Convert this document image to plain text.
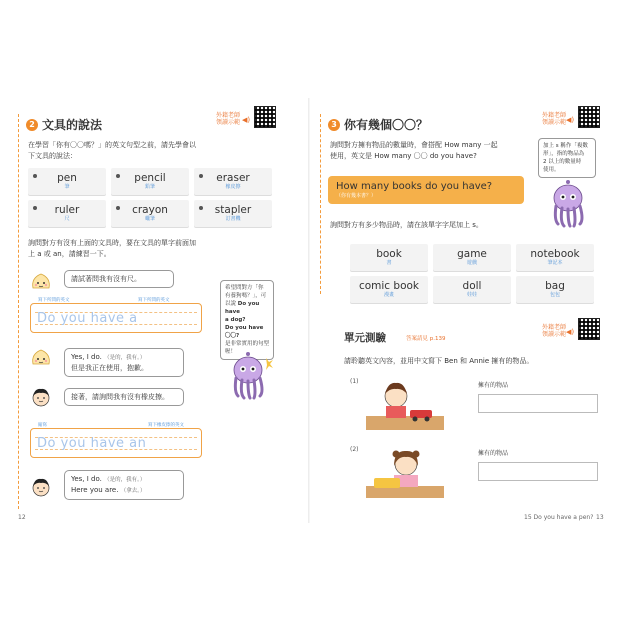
2 文具的說法
外籍老師
領讀示範 ◀)
在學習「你有〇〇嗎？」的英文句型之前，請先學會以
下文具的說法：
pen
筆
pencil
鉛筆
eraser
橡皮擦
ruler
尺
crayon
蠟筆
stapler
訂書機
詢問對方有沒有上面的文具時，要在文具的單字前面加
上 a 或 an，請練習一下。
請試著問我有沒有尺。
Do you have a
寫下所問的英文	寫下所問的英文
Yes, I do. （是的，我有。）
但是我正在使用，抱歉。
接著，請詢問我有沒有橡皮擦。
Do you have an
縮寫	寫下橡皮擦的英文
Yes, I do. （是的，我有。）
Here you are. （拿去。）
希望問對方「你
有養狗嗎？」，可
以說 Do you have
a dog?
Do you have 〇〇?
是非常實用的句型
喔！
12
3 你有幾個〇〇？
外籍老師
領讀示範 ◀)
詢問對方擁有物品的數量時，會搭配 How many 一起
使用，英文是 How many 〇〇 do you have?
How many books do you have?
（你有幾本書？）
詢問對方有多少物品時，請在該單字字尾加上 s。
加上 s 稱作「複數
形」，指的物品為
2 以上的數量時
使用。
book
書
game
遊戲
notebook
筆記本
comic book
漫畫
doll
娃娃
bag
包包
單元測驗	答案請見 p.139
外籍老師
領讀示範 ◀)
請聆聽英文內容，並用中文寫下 Ben 和 Annie 擁有的物品。
(1)
擁有的物品
(2)
擁有的物品
15 Do you have a pen? 13
